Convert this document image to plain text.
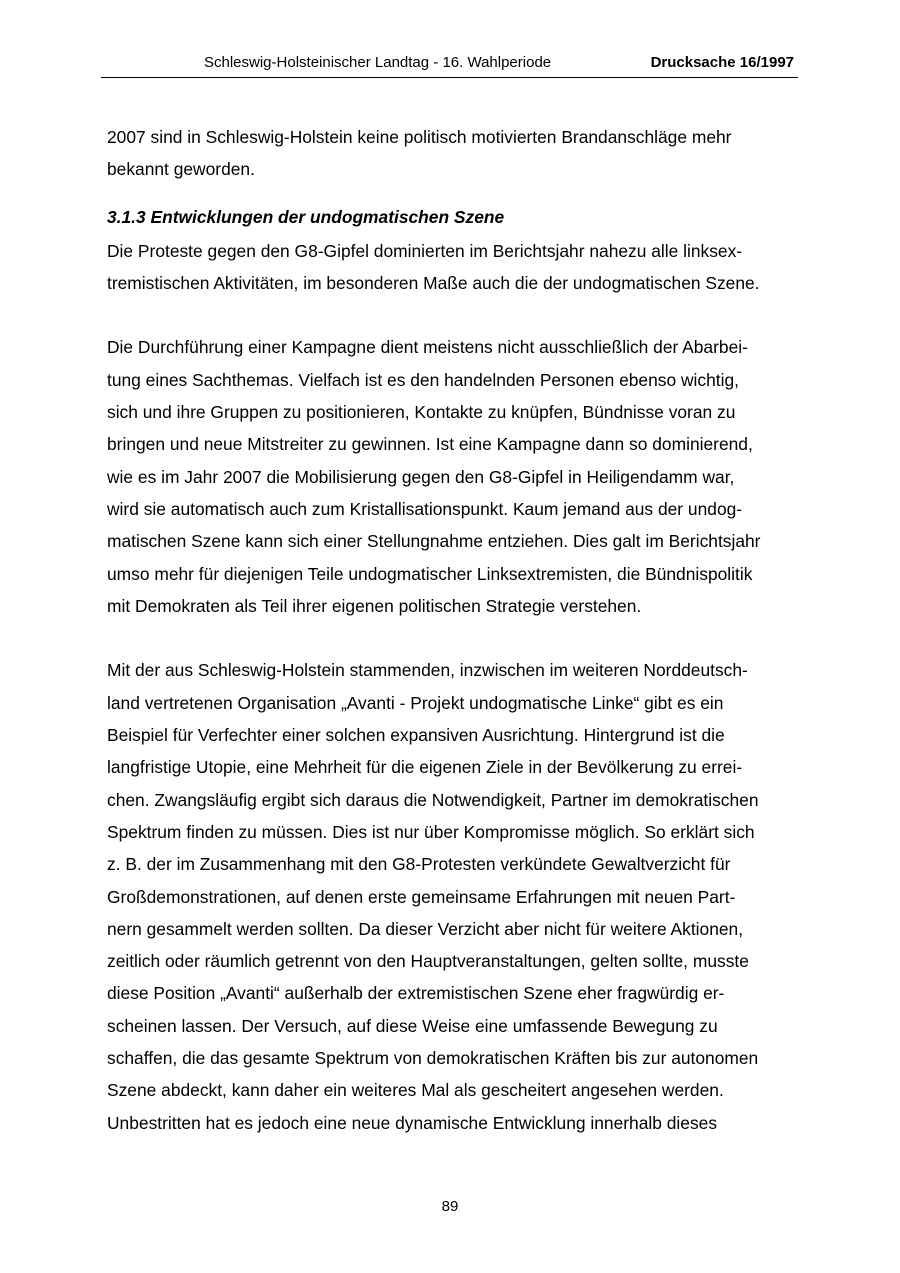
Schleswig-Holsteinischer Landtag - 16. Wahlperiode	Drucksache 16/1997
2007 sind in Schleswig-Holstein keine politisch motivierten Brandanschläge mehr
bekannt geworden.
3.1.3 Entwicklungen der undogmatischen Szene
Die Proteste gegen den G8-Gipfel dominierten im Berichtsjahr nahezu alle linksex-
tremistischen Aktivitäten, im besonderen Maße auch die der undogmatischen Szene.
Die Durchführung einer Kampagne dient meistens nicht ausschließlich der Abarbei-
tung eines Sachthemas. Vielfach ist es den handelnden Personen ebenso wichtig,
sich und ihre Gruppen zu positionieren, Kontakte zu knüpfen, Bündnisse voran zu
bringen und neue Mitstreiter zu gewinnen. Ist eine Kampagne dann so dominierend,
wie es im Jahr 2007 die Mobilisierung gegen den G8-Gipfel in Heiligendamm war,
wird sie automatisch auch zum Kristallisationspunkt. Kaum jemand aus der undog-
matischen Szene kann sich einer Stellungnahme entziehen. Dies galt im Berichtsjahr
umso mehr für diejenigen Teile undogmatischer Linksextremisten, die Bündnispolitik
mit Demokraten als Teil ihrer eigenen politischen Strategie verstehen.
Mit der aus Schleswig-Holstein stammenden, inzwischen im weiteren Norddeutsch-
land vertretenen Organisation „Avanti - Projekt undogmatische Linke“ gibt es ein
Beispiel für Verfechter einer solchen expansiven Ausrichtung. Hintergrund ist die
langfristige Utopie, eine Mehrheit für die eigenen Ziele in der Bevölkerung zu errei-
chen. Zwangsläufig ergibt sich daraus die Notwendigkeit, Partner im demokratischen
Spektrum finden zu müssen. Dies ist nur über Kompromisse möglich. So erklärt sich
z. B. der im Zusammenhang mit den G8-Protesten verkündete Gewaltverzicht für
Großdemonstrationen, auf denen erste gemeinsame Erfahrungen mit neuen Part-
nern gesammelt werden sollten. Da dieser Verzicht aber nicht für weitere Aktionen,
zeitlich oder räumlich getrennt von den Hauptveranstaltungen, gelten sollte, musste
diese Position „Avanti“ außerhalb der extremistischen Szene eher fragwürdig er-
scheinen lassen. Der Versuch, auf diese Weise eine umfassende Bewegung zu
schaffen, die das gesamte Spektrum von demokratischen Kräften bis zur autonomen
Szene abdeckt, kann daher ein weiteres Mal als gescheitert angesehen werden.
Unbestritten hat es jedoch eine neue dynamische Entwicklung innerhalb dieses
89
